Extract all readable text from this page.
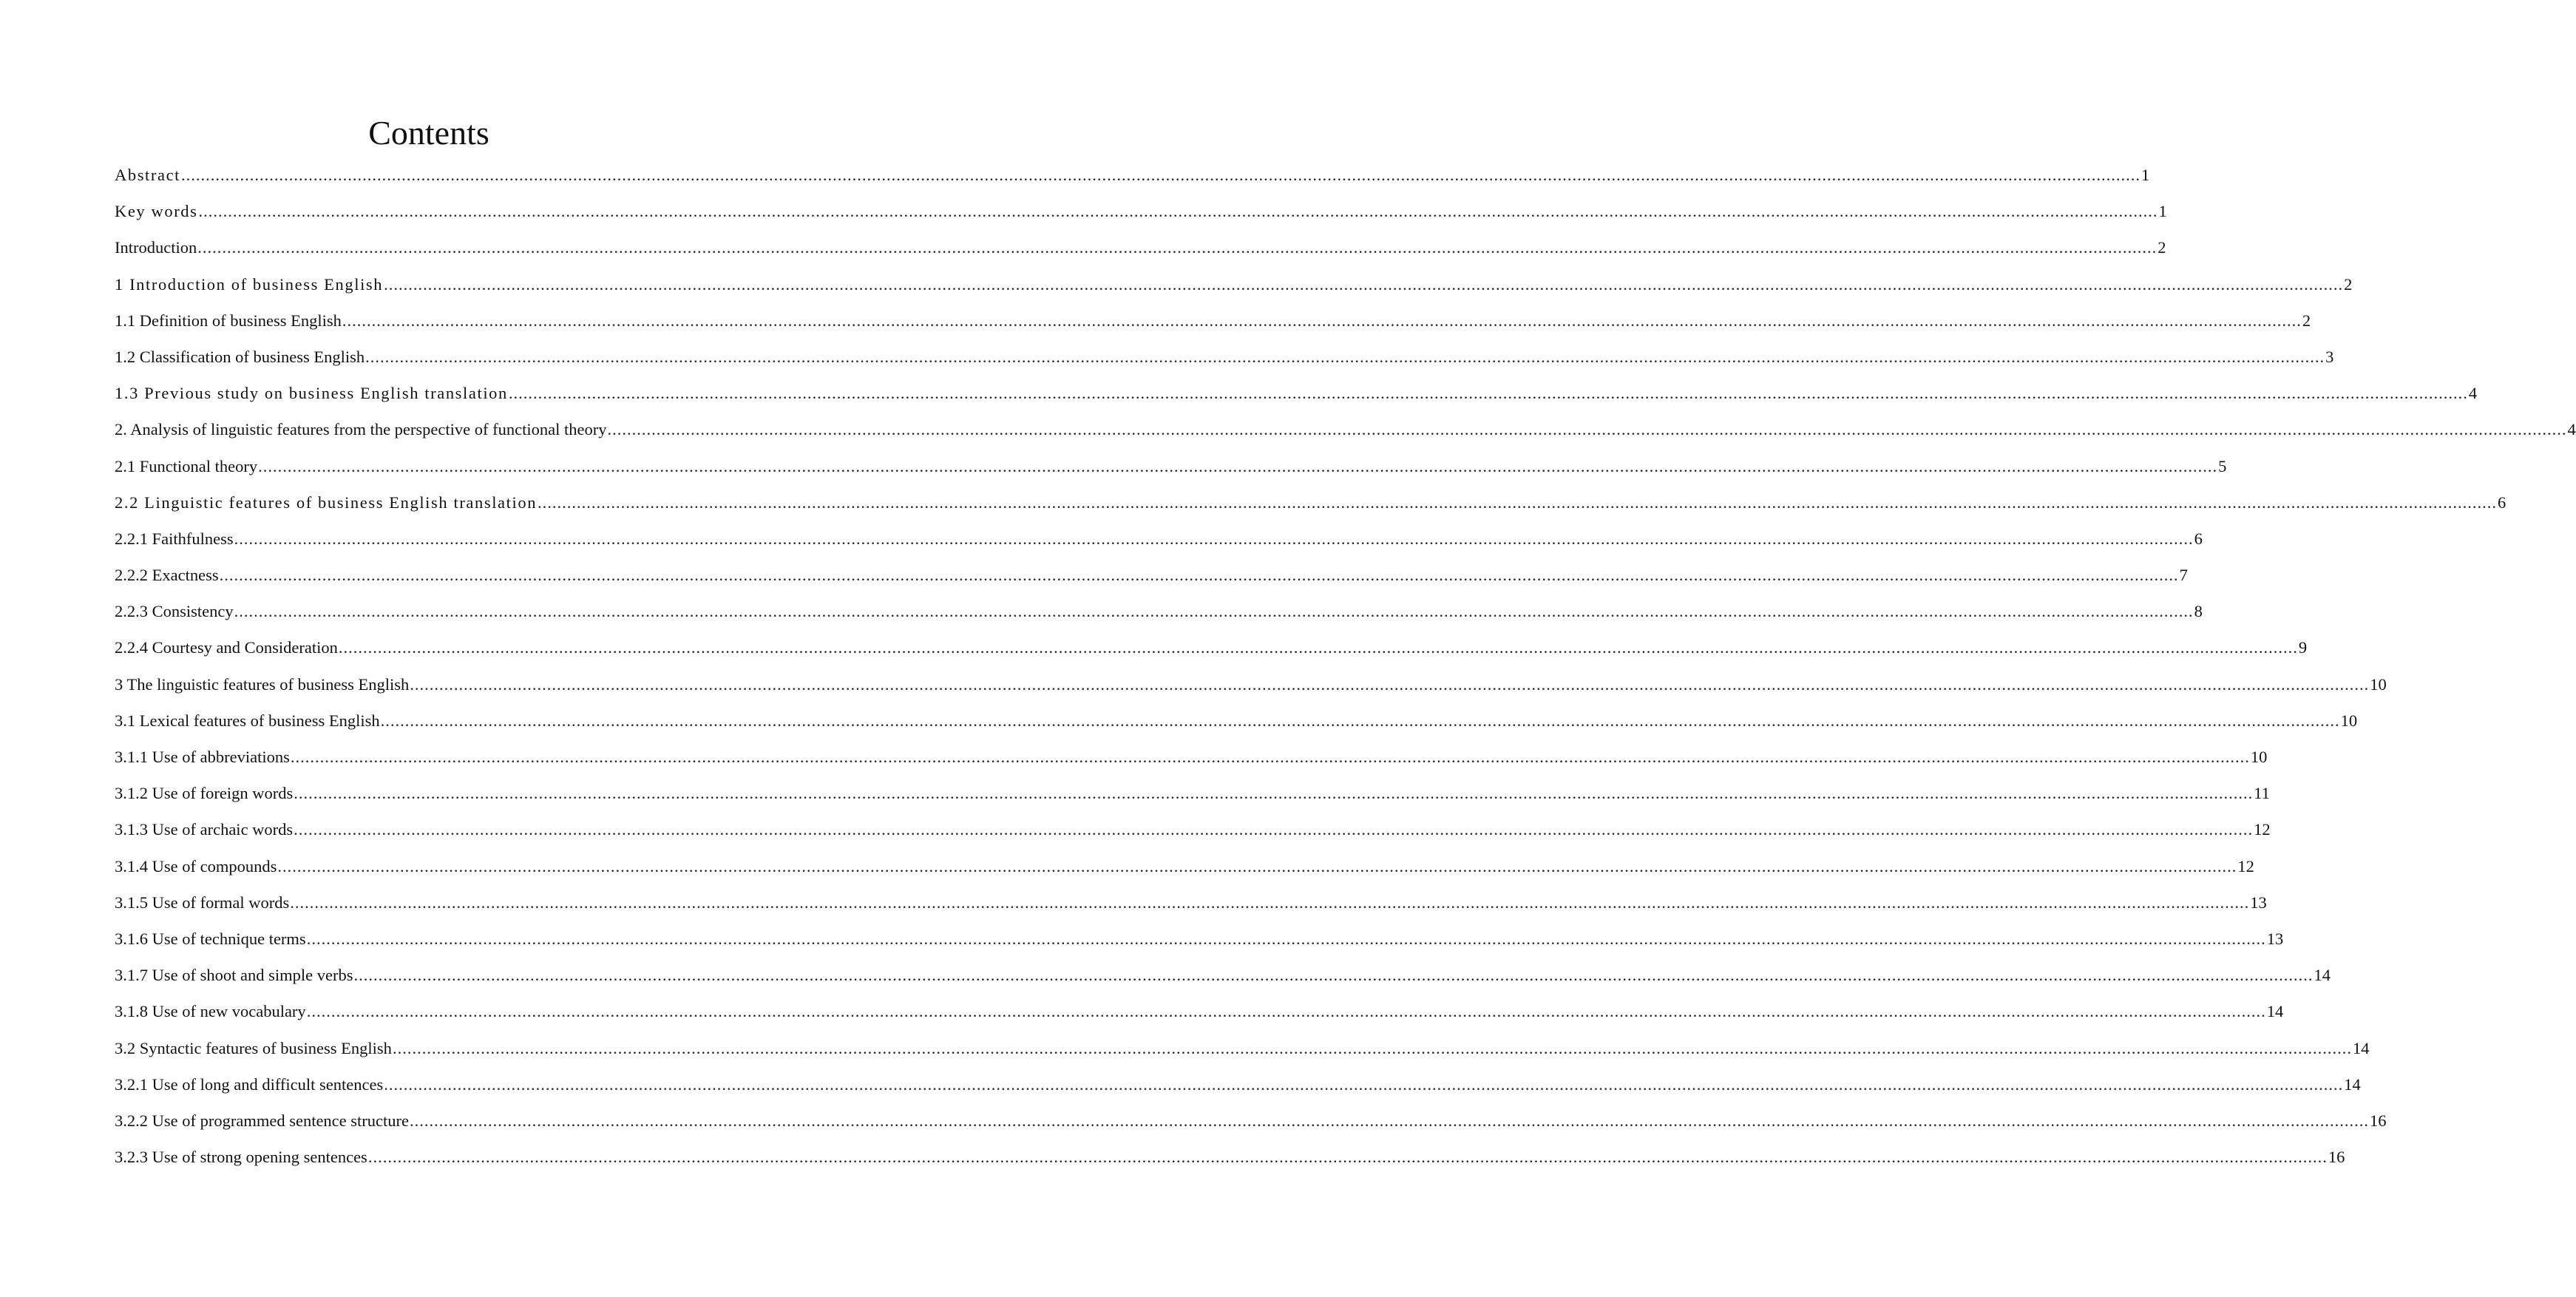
Contents
Abstract ................................................................................................................................................................................................................................................................................................................................................................................................................ 1
Key words ................................................................................................................................................................................................................................................................................................................................................................................................................ 1
Introduction ................................................................................................................................................................................................................................................................................................................................................................................................................ 2
1 Introduction of business English ................................................................................................................................................................................................................................................................................................................................................................................................................ 2
1.1 Definition of business English ................................................................................................................................................................................................................................................................................................................................................................................................................ 2
1.2 Classification of business English ................................................................................................................................................................................................................................................................................................................................................................................................................ 3
1.3 Previous study on business English translation ................................................................................................................................................................................................................................................................................................................................................................................................................ 4
2. Analysis of linguistic features from the perspective of functional theory ................................................................................................................................................................................................................................................................................................................................................................................................................ 4
2.1 Functional theory ................................................................................................................................................................................................................................................................................................................................................................................................................ 5
2.2 Linguistic features of business English translation ................................................................................................................................................................................................................................................................................................................................................................................................................ 6
2.2.1 Faithfulness ................................................................................................................................................................................................................................................................................................................................................................................................................ 6
2.2.2 Exactness ................................................................................................................................................................................................................................................................................................................................................................................................................ 7
2.2.3 Consistency ................................................................................................................................................................................................................................................................................................................................................................................................................ 8
2.2.4 Courtesy and Consideration ................................................................................................................................................................................................................................................................................................................................................................................................................ 9
3 The linguistic features of business English ................................................................................................................................................................................................................................................................................................................................................................................................................ 10
3.1 Lexical features of business English ................................................................................................................................................................................................................................................................................................................................................................................................................ 10
3.1.1 Use of abbreviations ................................................................................................................................................................................................................................................................................................................................................................................................................ 10
3.1.2 Use of foreign words ................................................................................................................................................................................................................................................................................................................................................................................................................ 11
3.1.3 Use of archaic words ................................................................................................................................................................................................................................................................................................................................................................................................................ 12
3.1.4 Use of compounds ................................................................................................................................................................................................................................................................................................................................................................................................................ 12
3.1.5 Use of formal words ................................................................................................................................................................................................................................................................................................................................................................................................................ 13
3.1.6 Use of technique terms ................................................................................................................................................................................................................................................................................................................................................................................................................ 13
3.1.7 Use of shoot and simple verbs ................................................................................................................................................................................................................................................................................................................................................................................................................ 14
3.1.8 Use of new vocabulary ................................................................................................................................................................................................................................................................................................................................................................................................................ 14
3.2 Syntactic features of business English ................................................................................................................................................................................................................................................................................................................................................................................................................ 14
3.2.1 Use of long and difficult sentences ................................................................................................................................................................................................................................................................................................................................................................................................................ 14
3.2.2 Use of programmed sentence structure ................................................................................................................................................................................................................................................................................................................................................................................................................ 16
3.2.3 Use of strong opening sentences ................................................................................................................................................................................................................................................................................................................................................................................................................ 16
